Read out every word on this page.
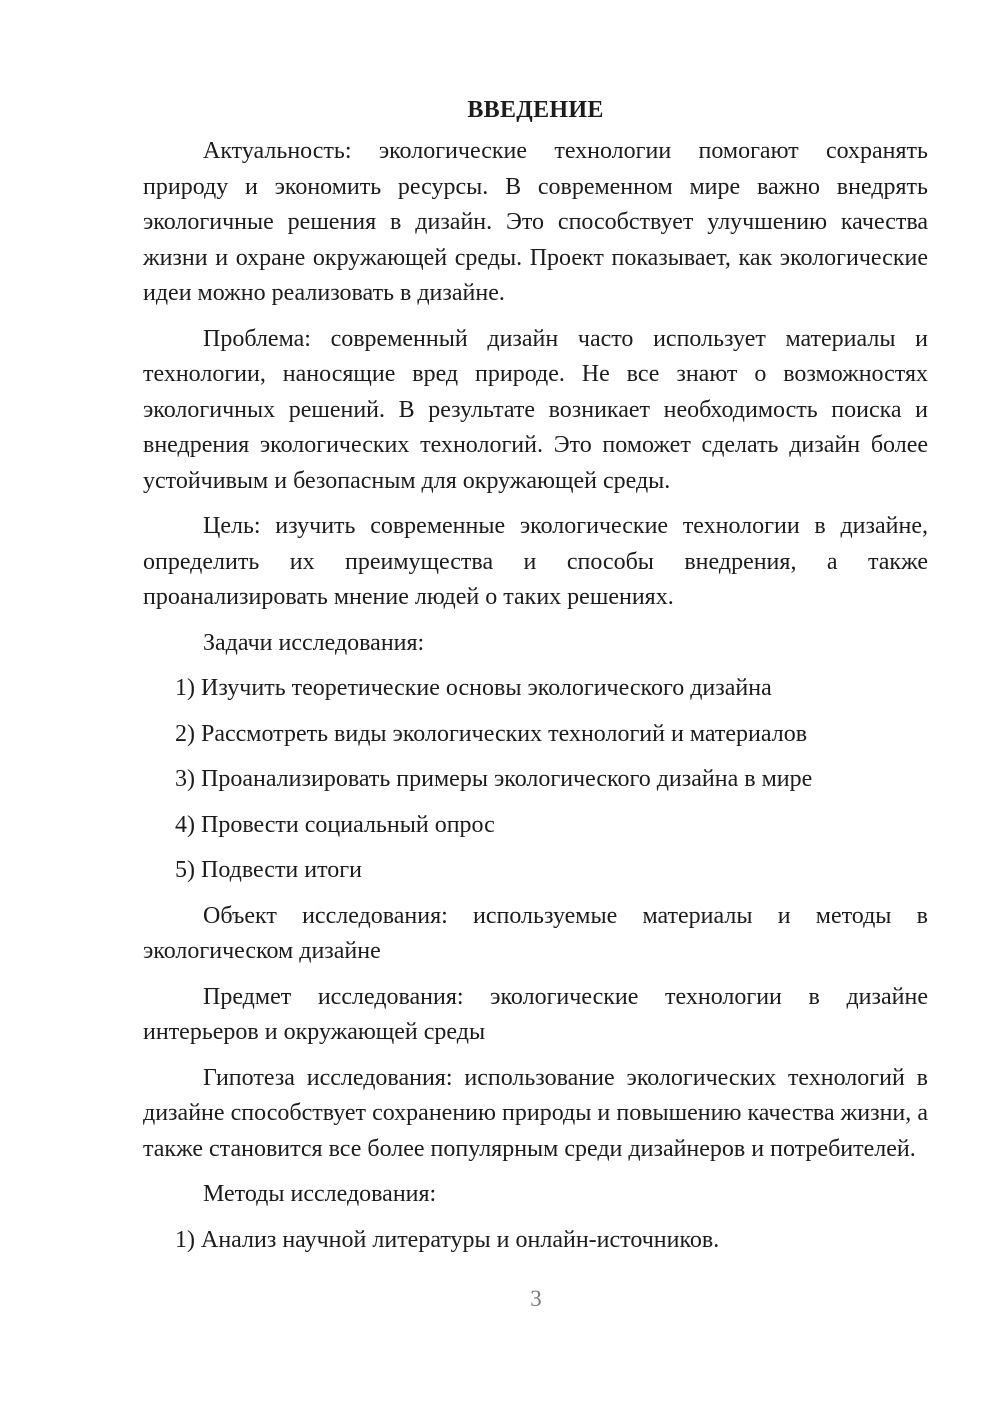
ВВЕДЕНИЕ

Актуальность: экологические технологии помогают сохранять природу и экономить ресурсы. В современном мире важно внедрять экологичные решения в дизайн. Это способствует улучшению качества жизни и охране окружающей среды. Проект показывает, как экологические идеи можно реализовать в дизайне.

Проблема: современный дизайн часто использует материалы и технологии, наносящие вред природе. Не все знают о возможностях экологичных решений. В результате возникает необходимость поиска и внедрения экологических технологий. Это поможет сделать дизайн более устойчивым и безопасным для окружающей среды.

Цель: изучить современные экологические технологии в дизайне, определить их преимущества и способы внедрения, а также проанализировать мнение людей о таких решениях.

Задачи исследования:

1) Изучить теоретические основы экологического дизайна

2) Рассмотреть виды экологических технологий и материалов

3) Проанализировать примеры экологического дизайна в мире

4) Провести социальный опрос

5) Подвести итоги

Объект исследования: используемые материалы и методы в экологическом дизайне

Предмет исследования: экологические технологии в дизайне интерьеров и окружающей среды

Гипотеза исследования: использование экологических технологий в дизайне способствует сохранению природы и повышению качества жизни, а также становится все более популярным среди дизайнеров и потребителей.

Методы исследования:

1) Анализ научной литературы и онлайн-источников.

3
